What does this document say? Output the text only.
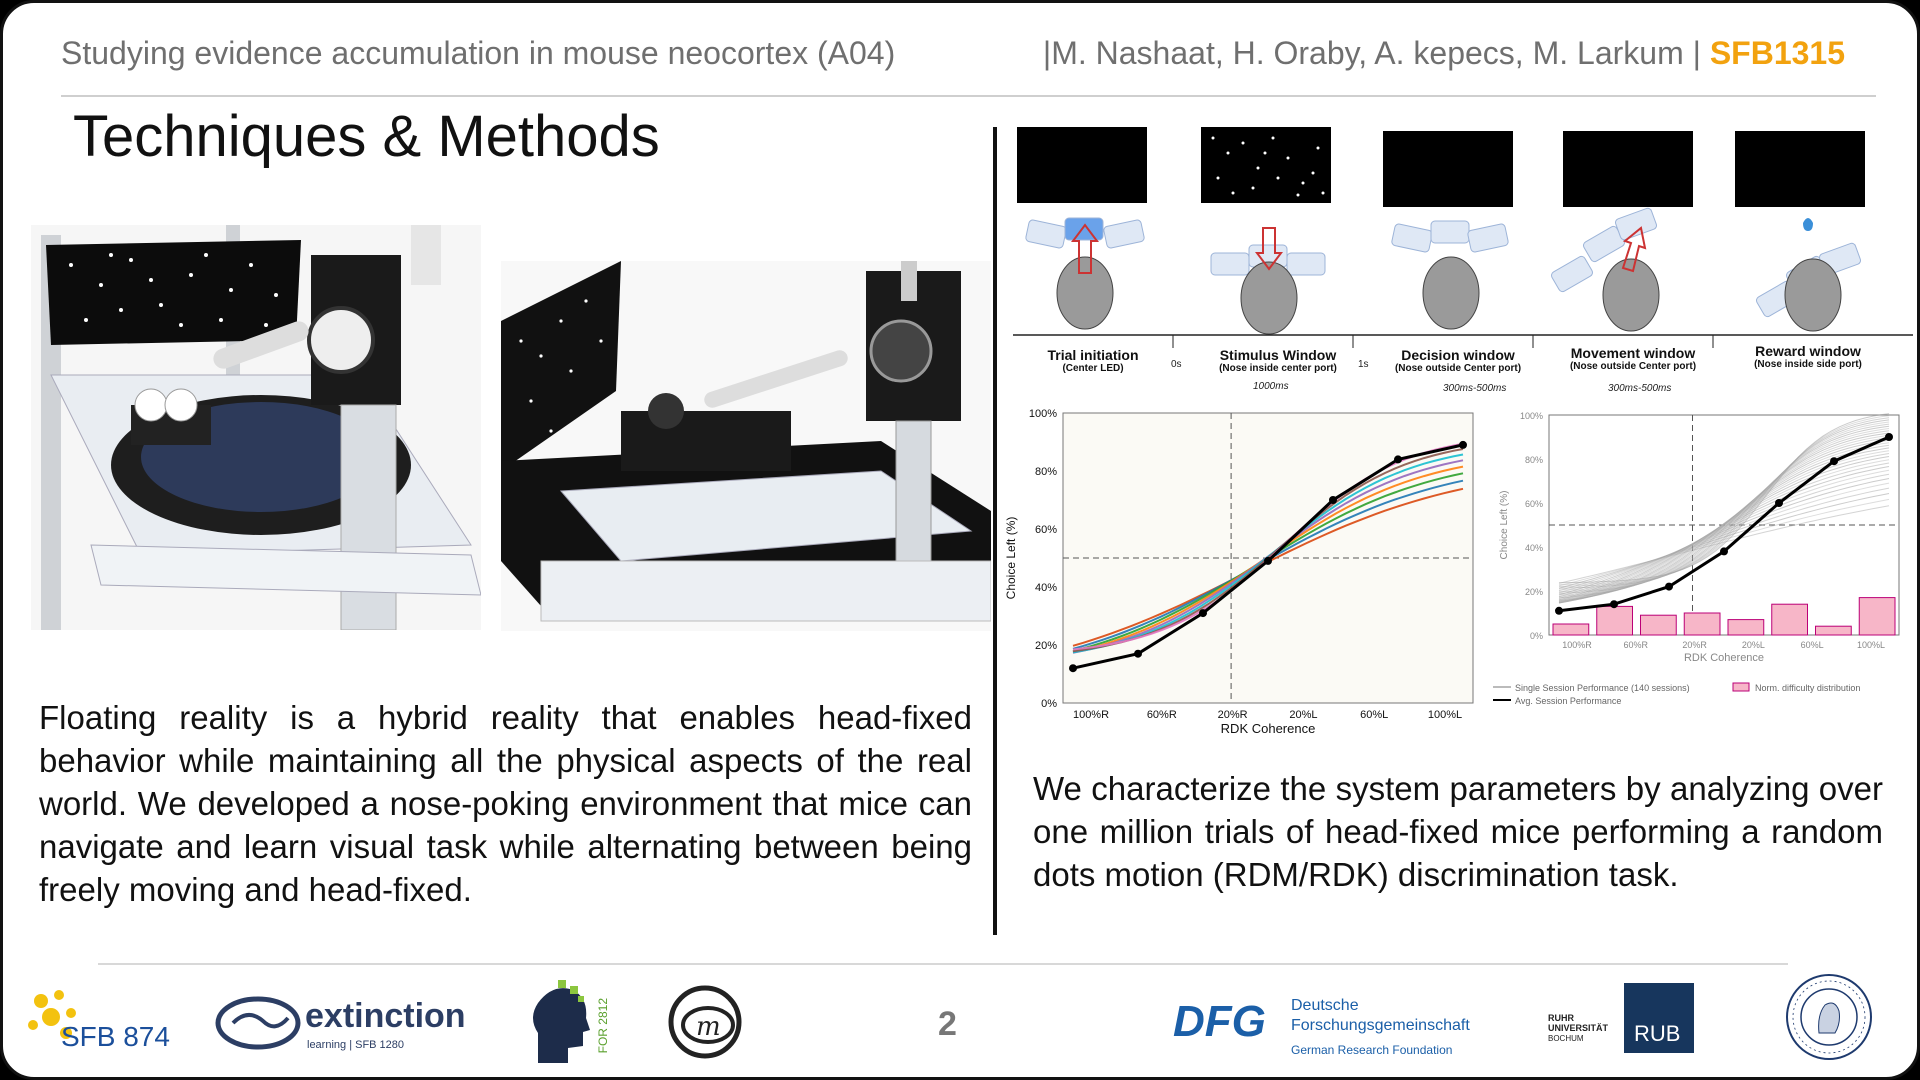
Studying evidence accumulation in mouse neocortex (A04)	|M. Nashaat, H. Oraby, A. kepecs, M. Larkum | SFB1315
Techniques & Methods
Floating reality is a hybrid reality that enables head-fixed behavior while maintaining all the physical aspects of the real world. We developed a nose-poking environment that mice can navigate and learn visual task while alternating between being freely moving and head-fixed.
Trial initiation
(Center LED)
Stimulus Window
(Nose inside center port)
Decision window
(Nose outside Center port)
Movement window
(Nose outside Center port)
Reward window
(Nose inside side port)
0s	1s
1000ms	300ms-500ms	300ms-500ms
0%
20%
40%
60%
80%
100%
100%R	60%R	20%R	20%L	60%L	100%L
RDK Coherence
Choice Left (%)
0%
20%
40%
60%
80%
100%
100%R	60%R	20%R	20%L	60%L	100%L
RDK Coherence
Choice Left (%)
Single Session Performance (140 sessions)
Avg. Session Performance
Norm. difficulty distribution
We characterize the system parameters by analyzing over one million trials of head-fixed mice performing a random dots motion (RDM/RDK) discrimination task.
SFB 874
extinction
learning | SFB 1280	FOR 2812	m	2	DFG Deutsche
Forschungsgemeinschaft
German Research Foundation
RUHR
UNIVERSITÄT
BOCHUM RUB
